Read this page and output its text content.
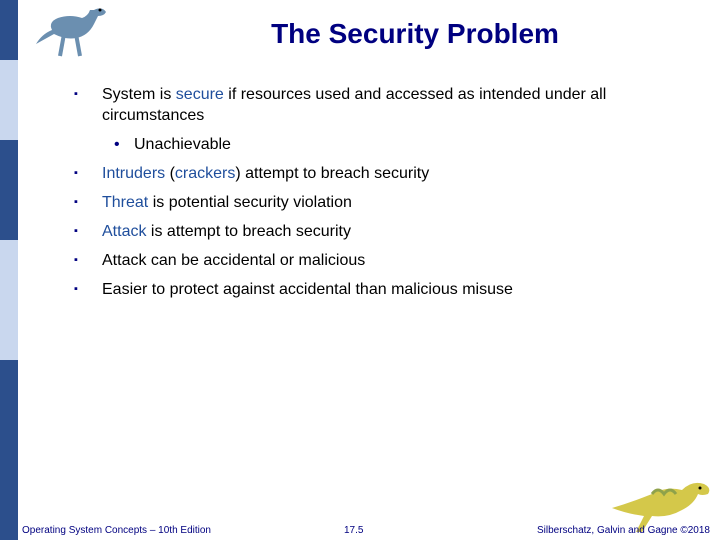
The Security Problem
▪ System is secure if resources used and accessed as intended under all circumstances
• Unachievable
▪ Intruders (crackers) attempt to breach security
▪ Threat is potential security violation
▪ Attack is attempt to breach security
▪ Attack can be accidental or malicious
▪ Easier to protect against accidental than malicious misuse
Operating System Concepts – 10th Edition	17.5	Silberschatz, Galvin and Gagne ©2018
